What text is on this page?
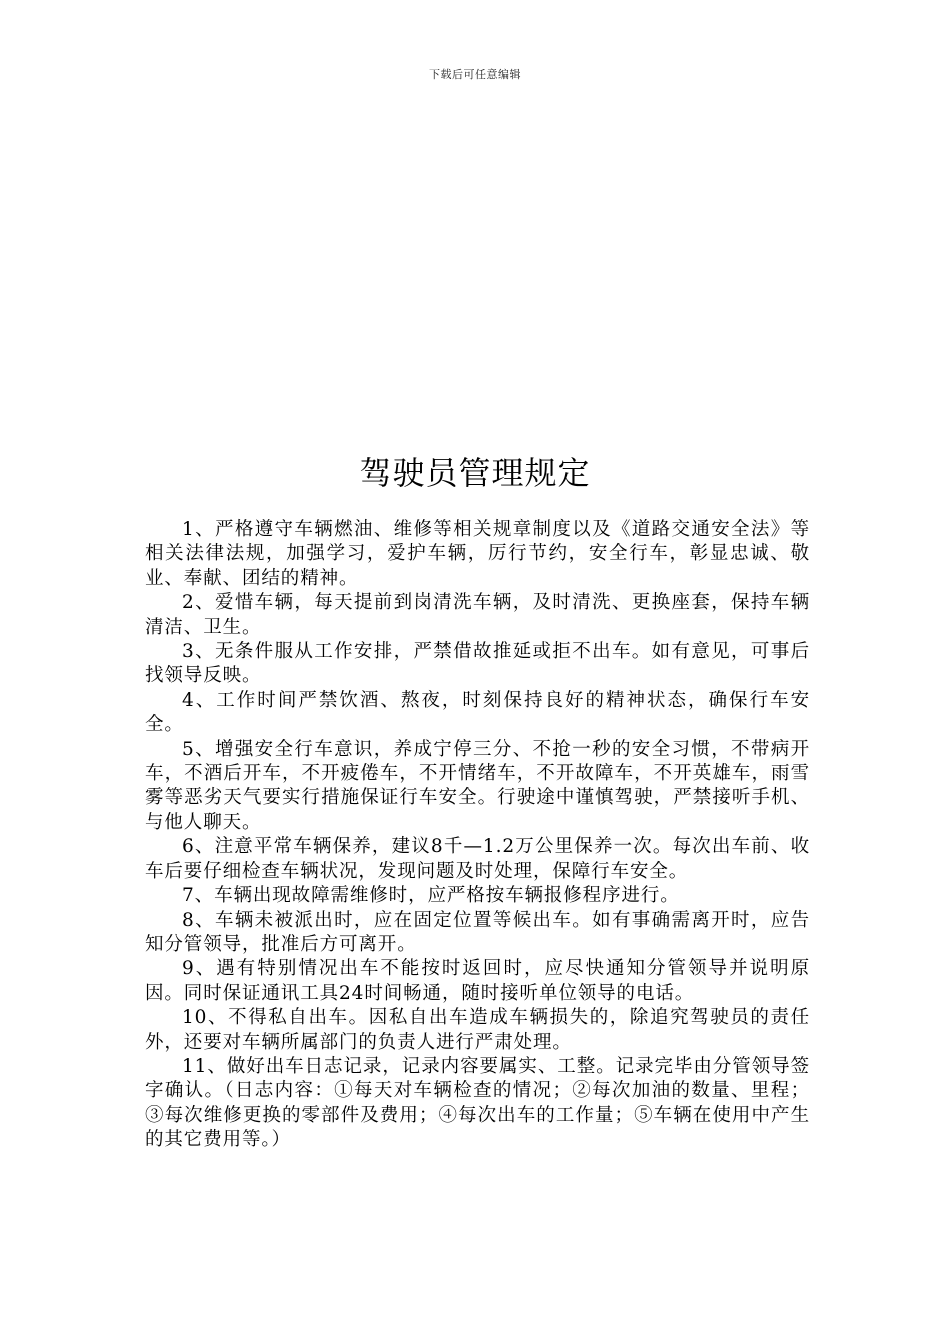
下载后可任意编辑
驾驶员管理规定

1、严格遵守车辆燃油、维修等相关规章制度以及《道路交通安全法》等相关法律法规，加强学习，爱护车辆，厉行节约，安全行车，彰显忠诚、敬业、奉献、团结的精神。

2、爱惜车辆，每天提前到岗清洗车辆，及时清洗、更换座套，保持车辆清洁、卫生。

3、无条件服从工作安排，严禁借故推延或拒不出车。如有意见，可事后找领导反映。

4、工作时间严禁饮酒、熬夜，时刻保持良好的精神状态，确保行车安全。

5、增强安全行车意识，养成宁停三分、不抢一秒的安全习惯，不带病开车，不酒后开车，不开疲倦车，不开情绪车，不开故障车，不开英雄车，雨雪雾等恶劣天气要实行措施保证行车安全。行驶途中谨慎驾驶，严禁接听手机、与他人聊天。

6、注意平常车辆保养，建议8千—1.2万公里保养一次。每次出车前、收车后要仔细检查车辆状况，发现问题及时处理，保障行车安全。

7、车辆出现故障需维修时，应严格按车辆报修程序进行。

8、车辆未被派出时，应在固定位置等候出车。如有事确需离开时，应告知分管领导，批准后方可离开。

9、遇有特别情况出车不能按时返回时，应尽快通知分管领导并说明原因。同时保证通讯工具24时间畅通，随时接听单位领导的电话。

10、不得私自出车。因私自出车造成车辆损失的，除追究驾驶员的责任外，还要对车辆所属部门的负责人进行严肃处理。

11、做好出车日志记录，记录内容要属实、工整。记录完毕由分管领导签字确认。（日志内容：①每天对车辆检查的情况；②每次加油的数量、里程；③每次维修更换的零部件及费用；④每次出车的工作量；⑤车辆在使用中产生的其它费用等。）
